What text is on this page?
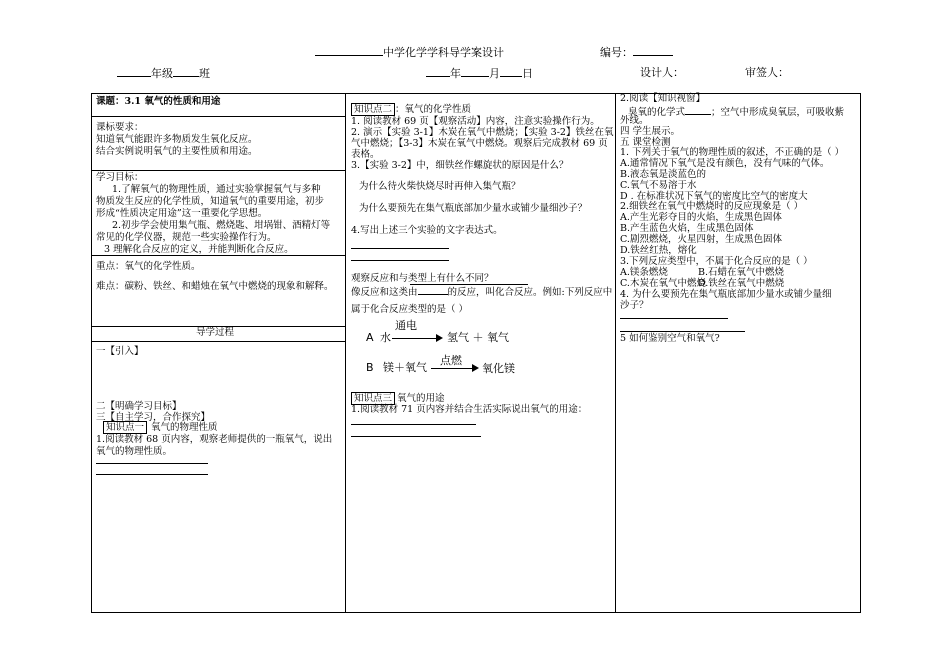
中学化学学科导学案设计	编号：
年级 班	年	月 日	设计人：	审签人：
课题：3.1 氧气的性质和用途
课标要求：
知道氧气能跟许多物质发生氧化反应。
结合实例说明氧气的主要性质和用途。
学习目标：
1.了解氧气的物理性质，通过实验掌握氧气与多种
物质发生反应的化学性质，知道氧气的重要用途，初步
形成“性质决定用途”这一重要化学思想。
2.初步学会使用集气瓶、燃烧匙、坩埚钳、酒精灯等
常见的化学仪器，规范一些实验操作行为。
3 理解化合反应的定义，并能判断化合反应。
重点：氧气的化学性质。
难点：碳粉、铁丝、和蜡烛在氧气中燃烧的现象和解释。
导学过程
一【引入】
二【明确学习目标】
三【自主学习，合作探究】
知识点一 氧气的物理性质
1.阅读教材 68 页内容，观察老师提供的一瓶氧气，说出
氧气的物理性质。
知识点二 ：氧气的化学性质
1. 阅读教材 69 页【观察活动】内容，注意实验操作行为。
2. 演示【实验 3-1】木炭在氧气中燃烧；【实验 3-2】铁丝在氧
气中燃烧；【3-3】木炭在氧气中燃烧。观察后完成教材 69 页
表格。
3.【实验 3-2】中，细铁丝作螺旋状的原因是什么？
为什么待火柴快烧尽时再伸入集气瓶？
为什么要预先在集气瓶底部加少量水或铺少量细沙子？
4.写出上述三个实验的文字表达式。
观察反应和与类型上有什么不同？
像反应和这类由	的反应，叫化合反应。例如:下列反应中
属于化合反应类型的是（ ）
A 水
通电
氢气 ＋ 氧气
B 镁＋氧气
点燃
氧化镁
知识点三 氧气的用途
1.阅读教材 71 页内容并结合生活实际说出氧气的用途：
2.阅读【知识视窗】
臭氧的化学式	；空气中形成臭氧层，可吸收紫
外线。
四 学生展示。
五 课堂检测
1. 下列关于氧气的物理性质的叙述，不正确的是（ ）
A.通常情况下氧气是没有颜色，没有气味的气体。
B.液态氧是淡蓝色的
C.氧气不易溶于水
D . 在标准状况下氧气的密度比空气的密度大
2.细铁丝在氧气中燃烧时的反应现象是（ ）
A.产生光彩夺目的火焰，生成黑色固体
B.产生蓝色火焰，生成黑色固体
C.剧烈燃烧，火星四射，生成黑色固体
D.铁丝红热，熔化
3.下列反应类型中，不属于化合反应的是（ ）
A.镁条燃烧	B.石蜡在氧气中燃烧
C.木炭在氧气中燃烧
D.铁丝在氧气中燃烧
4. 为什么要预先在集气瓶底部加少量水或铺少量细
沙子？
5 如何鉴别空气和氧气?
